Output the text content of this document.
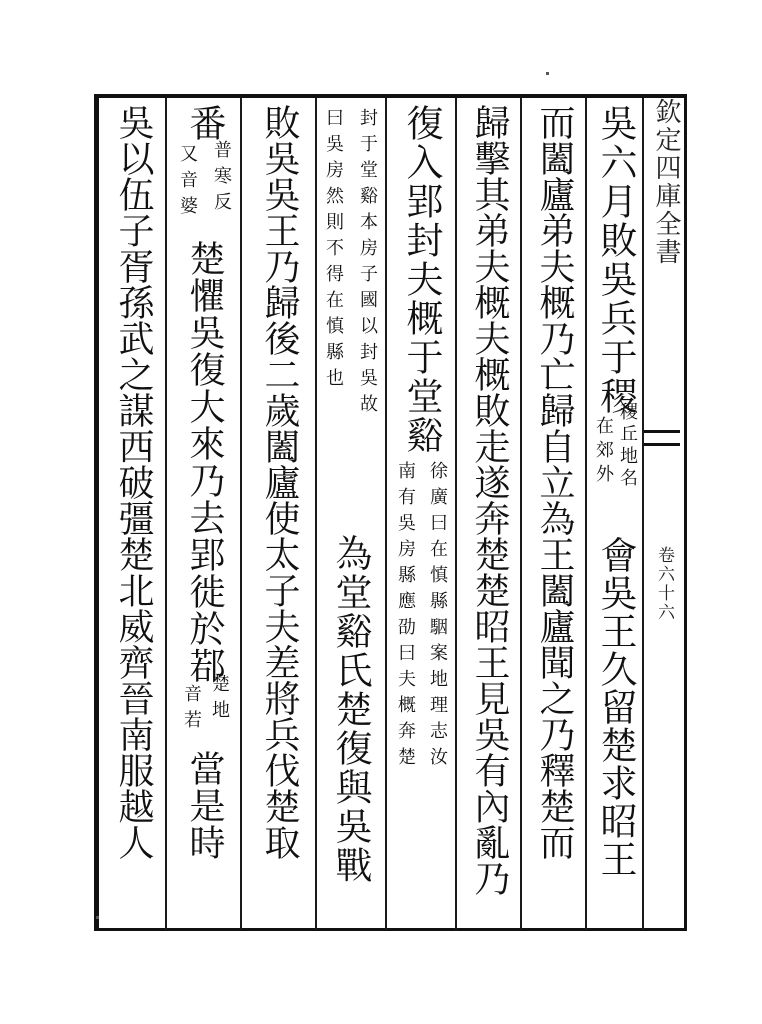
欽定四庫全書
卷六十六
吳六月敗吳兵于稷
在郊外 稷丘地名
會吳王久留楚求昭王
而闔廬弟夫概乃亡歸自立為王闔廬聞之乃釋楚而
歸擊其弟夫概夫概敗走遂奔楚楚昭王見吳有內亂乃
復入郢封夫概于堂谿
南有吳房縣應劭曰夫概奔楚 徐廣曰在慎縣駰案地理志汝
曰吳房然則不得在慎縣也 封于堂谿本房子國以封吳故
為堂谿氏楚復與吳戰
敗吳吳王乃歸後二歲闔廬使太子夫差將兵伐楚取
番
又音婆 普寒反
楚懼吳復大來乃去郢徙於鄀
音若 楚地
當是時
吳以伍子胥孫武之謀西破彊楚北威齊晉南服越人
